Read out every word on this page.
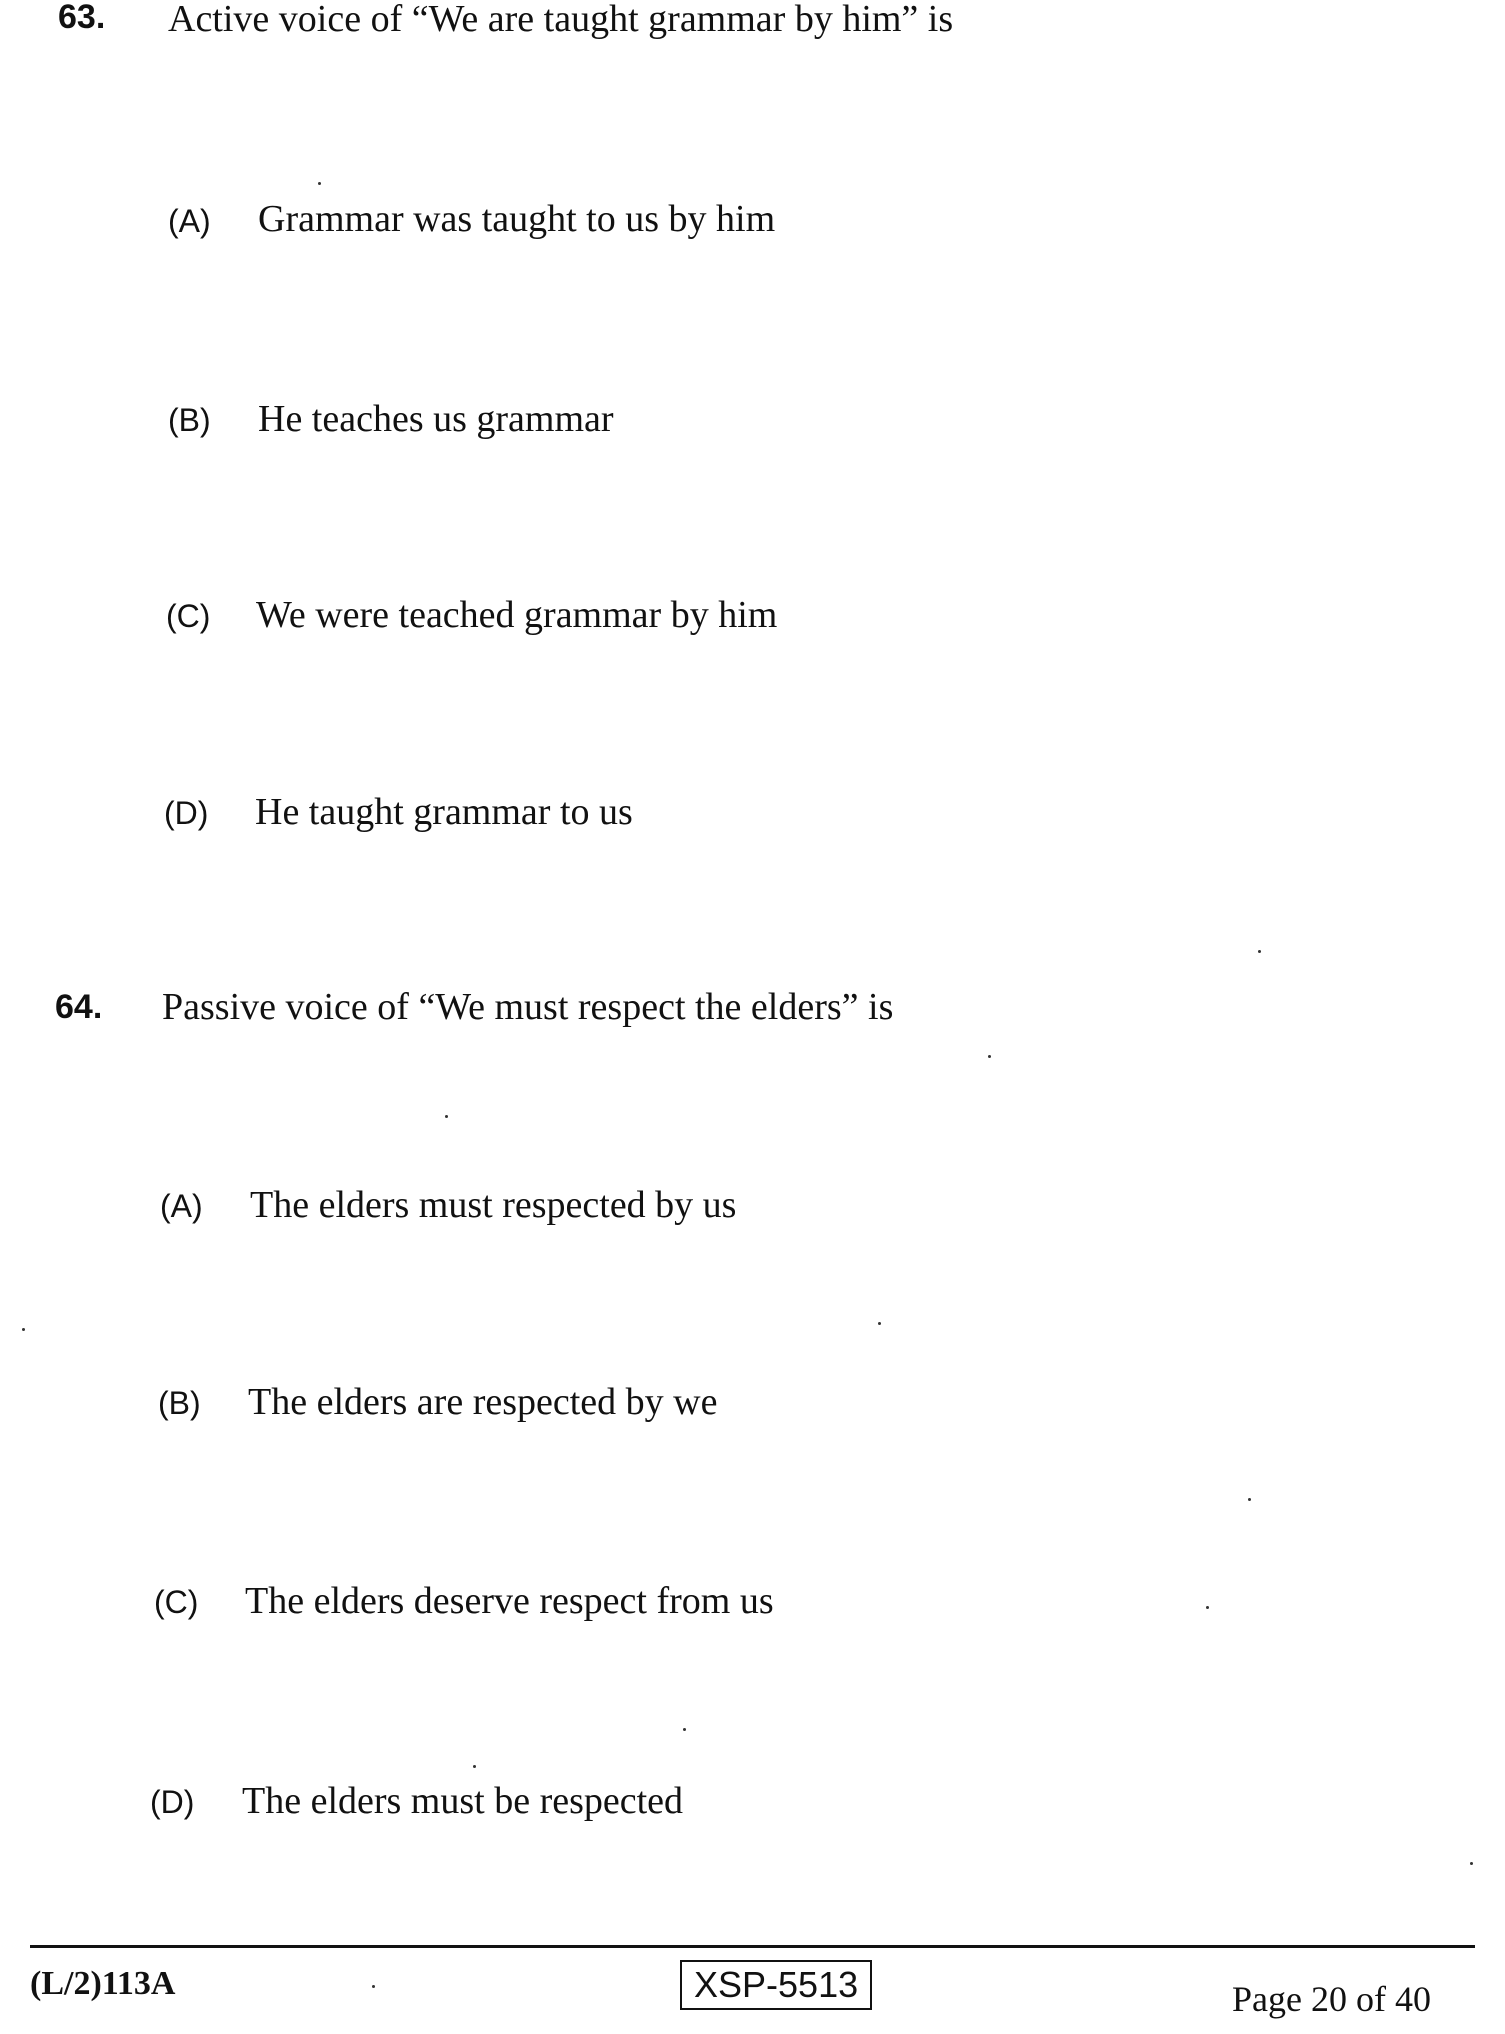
63. Active voice of “We are taught grammar by him” is
(A) Grammar was taught to us by him
(B) He teaches us grammar
(C) We were teached grammar by him
(D) He taught grammar to us
64. Passive voice of “We must respect the elders” is
(A) The elders must respected by us
(B) The elders are respected by we
(C) The elders deserve respect from us
(D) The elders must be respected
(L/2)113A	XSP-5513	Page 20 of 40
